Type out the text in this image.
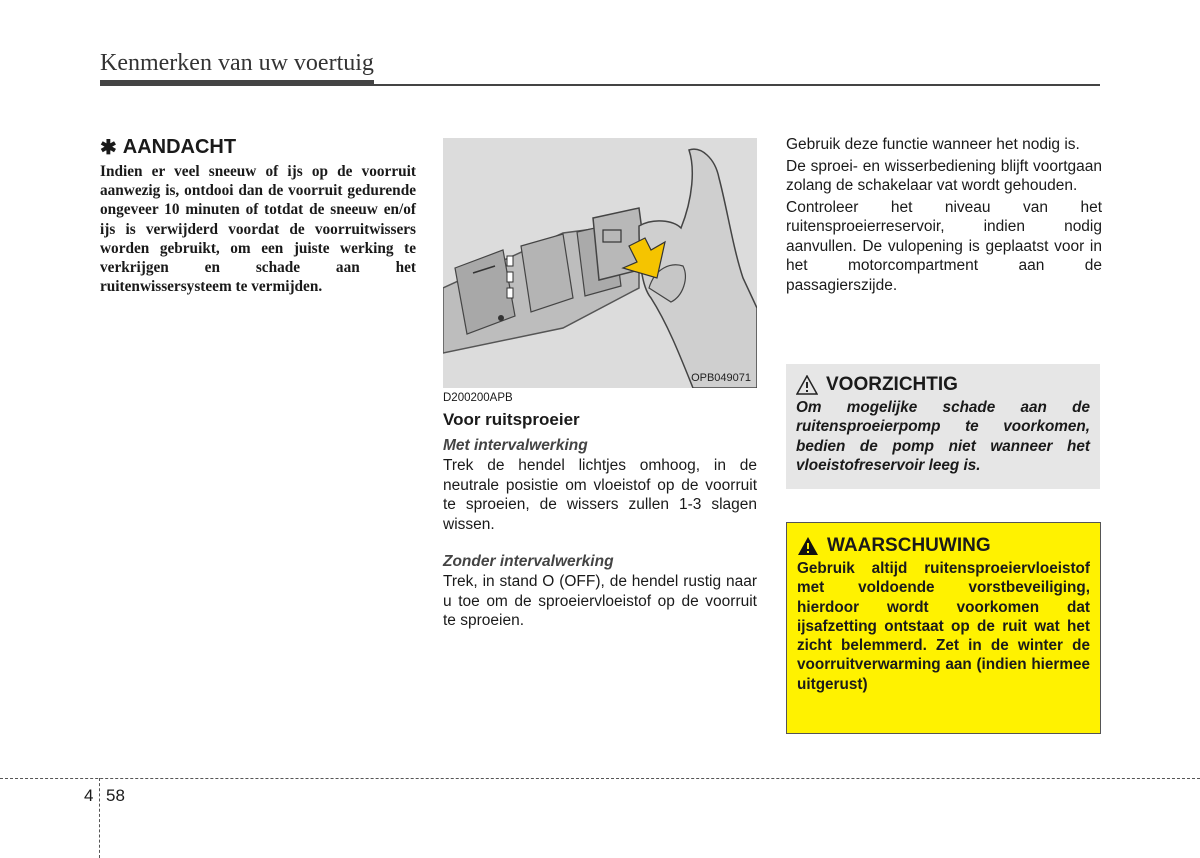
Kenmerken van uw voertuig
✱ AANDACHT

Indien er veel sneeuw of ijs op de voorruit aanwezig is, ontdooi dan de voorruit gedurende ongeveer 10 minuten of totdat de sneeuw en/of ijs is verwijderd voordat de voorruitwissers worden gebruikt, om een juiste werking te verkrijgen en schade aan het ruitenwissersysteem te vermijden.

OPB049071

D200200APB

Voor ruitsproeier

Met intervalwerking

Trek de hendel lichtjes omhoog, in de neutrale posistie om vloeistof op de voorruit te sproeien, de wissers zullen 1-3 slagen wissen.

Zonder intervalwerking

Trek, in stand O (OFF), de hendel rustig naar u toe om de sproeiervloeistof op de voorruit te sproeien.

Gebruik deze functie wanneer het nodig is.

De sproei- en wisserbediening blijft voortgaan zolang de schakelaar vat wordt gehouden.

Controleer het niveau van het ruitensproeierreservoir, indien nodig aanvullen. De vulopening is geplaatst voor in het motorcompartment aan de passagierszijde.

VOORZICHTIG

Om mogelijke schade aan de ruitensproeierpomp te voorkomen, bedien de pomp niet wanneer het vloeistofreservoir leeg is.

WAARSCHUWING

Gebruik altijd ruitensproeiervloeistof met voldoende vorstbeveiliging, hierdoor wordt voorkomen dat ijsafzetting ontstaat op de ruit wat het zicht belemmerd. Zet in de winter de voorruitverwarming aan (indien hiermee uitgerust)

4 58
